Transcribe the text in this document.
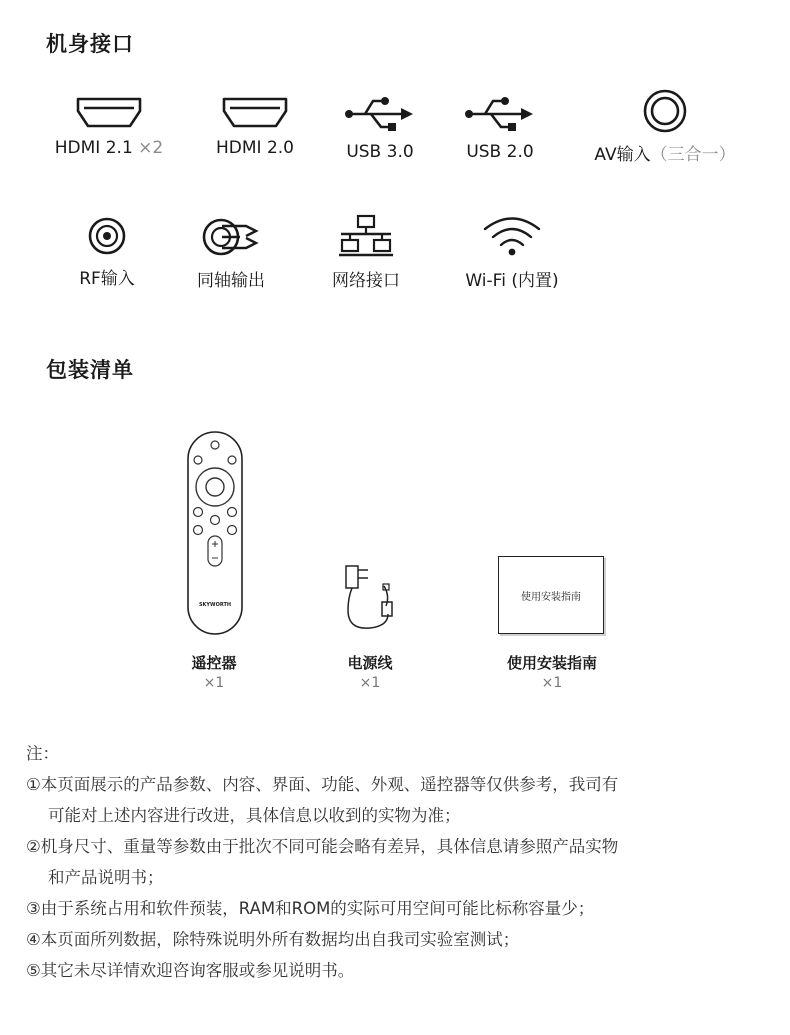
机身接口
HDMI 2.1 ×2	HDMI 2.0	USB 3.0	USB 2.0	AV输入（三合一）
RF输入	同轴输出	网络接口	Wi-Fi (内置)
包装清单
SKYWORTH
使用安装指南
遥控器
×1
电源线
×1
使用安装指南
×1
注：
①本页面展示的产品参数、内容、界面、功能、外观、遥控器等仅供参考，我司有
可能对上述内容进行改进，具体信息以收到的实物为准；
②机身尺寸、重量等参数由于批次不同可能会略有差异，具体信息请参照产品实物
和产品说明书；
③由于系统占用和软件预装，RAM和ROM的实际可用空间可能比标称容量少；
④本页面所列数据，除特殊说明外所有数据均出自我司实验室测试；
⑤其它未尽详情欢迎咨询客服或参见说明书。
